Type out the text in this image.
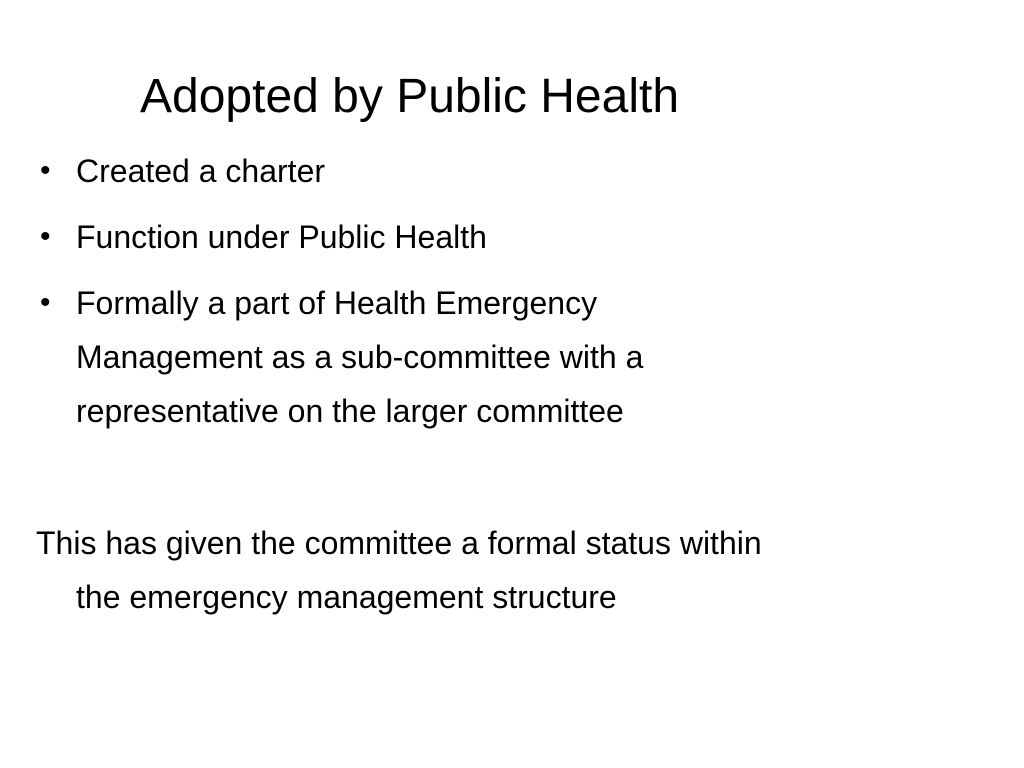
Adopted by Public Health
• Created a charter
• Function under Public Health
• Formally a part of Health Emergency
Management as a sub-committee with a
representative on the larger committee

This has given the committee a formal status within
the emergency management structure
